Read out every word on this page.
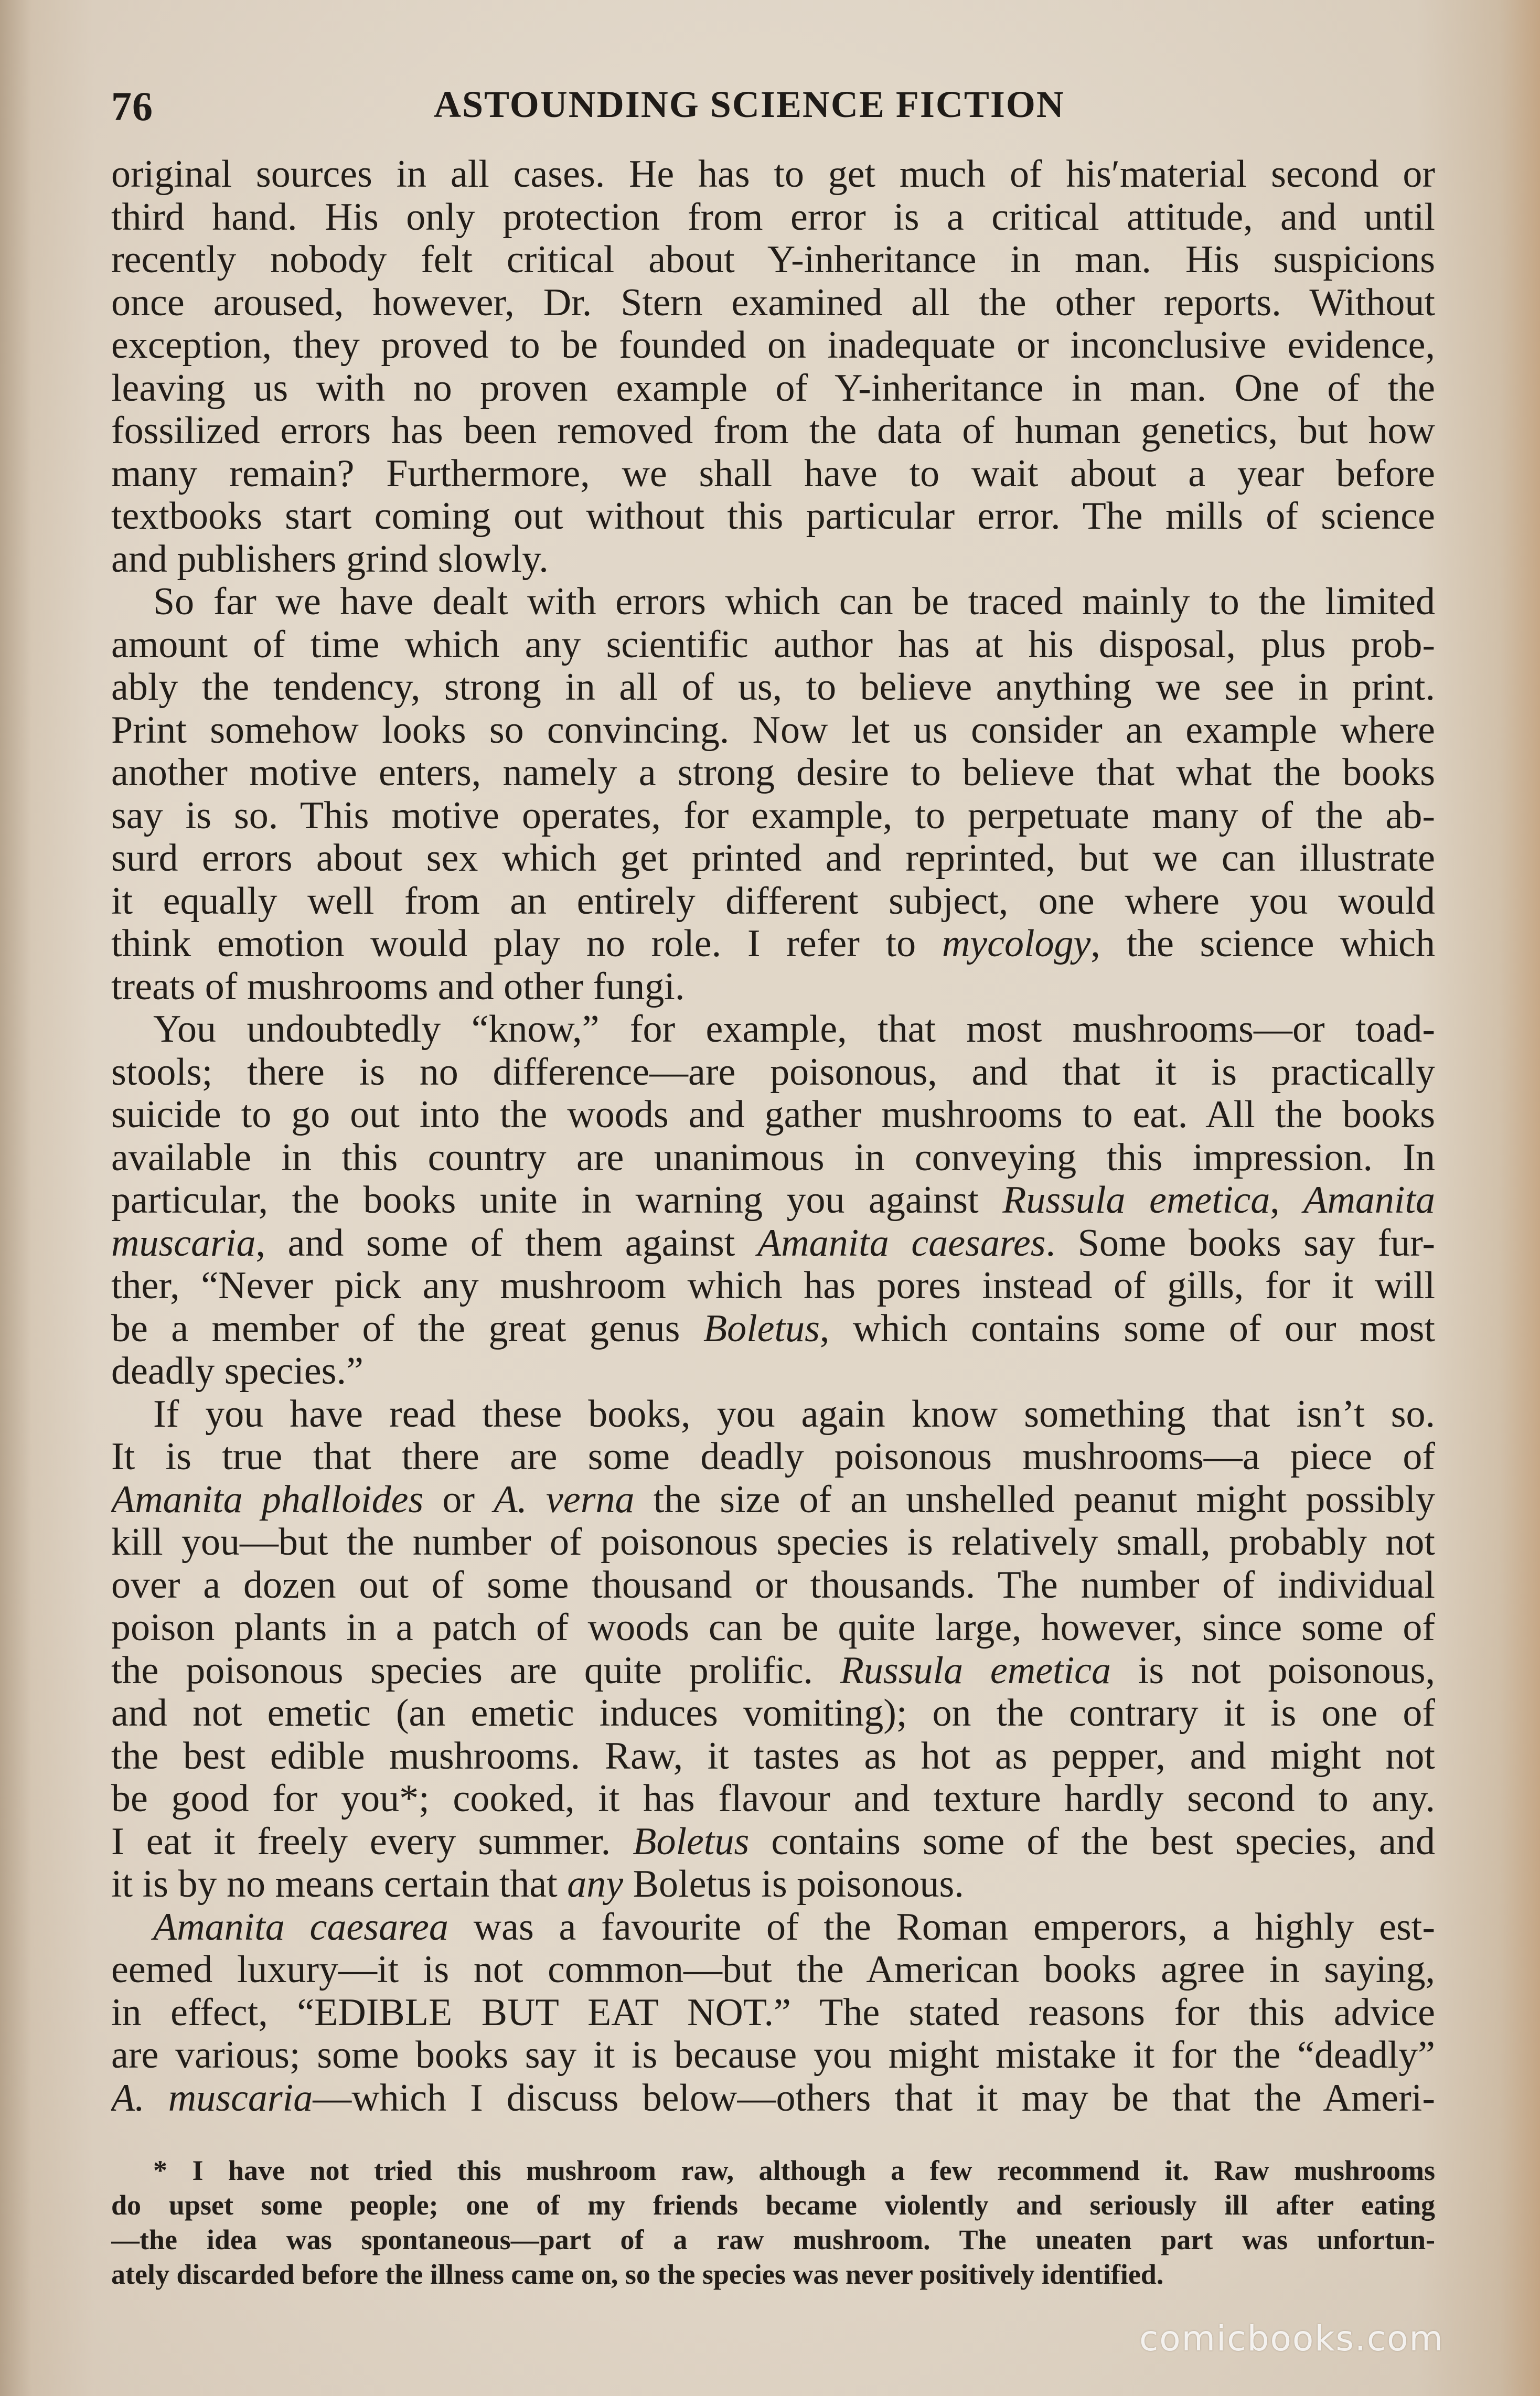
76	ASTOUNDING SCIENCE FICTION
original sources in all cases. He has to get much of his′material second or
third hand. His only protection from error is a critical attitude, and until
recently nobody felt critical about Y-inheritance in man. His suspicions
once aroused, however, Dr. Stern examined all the other reports. Without
exception, they proved to be founded on inadequate or inconclusive evidence,
leaving us with no proven example of Y-inheritance in man. One of the
fossilized errors has been removed from the data of human genetics, but how
many remain? Furthermore, we shall have to wait about a year before
textbooks start coming out without this particular error. The mills of science
and publishers grind slowly.
So far we have dealt with errors which can be traced mainly to the limited
amount of time which any scientific author has at his disposal, plus prob-
ably the tendency, strong in all of us, to believe anything we see in print.
Print somehow looks so convincing. Now let us consider an example where
another motive enters, namely a strong desire to believe that what the books
say is so. This motive operates, for example, to perpetuate many of the ab-
surd errors about sex which get printed and reprinted, but we can illustrate
it equally well from an entirely different subject, one where you would
think emotion would play no role. I refer to mycology, the science which
treats of mushrooms and other fungi.
You undoubtedly “know,” for example, that most mushrooms—or toad-
stools; there is no difference—are poisonous, and that it is practically
suicide to go out into the woods and gather mushrooms to eat. All the books
available in this country are unanimous in conveying this impression. In
particular, the books unite in warning you against Russula emetica, Amanita
muscaria, and some of them against Amanita caesares. Some books say fur-
ther, “Never pick any mushroom which has pores instead of gills, for it will
be a member of the great genus Boletus, which contains some of our most
deadly species.”
If you have read these books, you again know something that isn’t so.
It is true that there are some deadly poisonous mushrooms—a piece of
Amanita phalloides or A. verna the size of an unshelled peanut might possibly
kill you—but the number of poisonous species is relatively small, probably not
over a dozen out of some thousand or thousands. The number of individual
poison plants in a patch of woods can be quite large, however, since some of
the poisonous species are quite prolific. Russula emetica is not poisonous,
and not emetic (an emetic induces vomiting); on the contrary it is one of
the best edible mushrooms. Raw, it tastes as hot as pepper, and might not
be good for you*; cooked, it has flavour and texture hardly second to any.
I eat it freely every summer. Boletus contains some of the best species, and
it is by no means certain that any Boletus is poisonous.
Amanita caesarea was a favourite of the Roman emperors, a highly est-
eemed luxury—it is not common—but the American books agree in saying,
in effect, “EDIBLE BUT EAT NOT.” The stated reasons for this advice
are various; some books say it is because you might mistake it for the “deadly”
A. muscaria—which I discuss below—others that it may be that the Ameri-
* I have not tried this mushroom raw, although a few recommend it. Raw mushrooms
do upset some people; one of my friends became violently and seriously ill after eating
—the idea was spontaneous—part of a raw mushroom. The uneaten part was unfortun-
ately discarded before the illness came on, so the species was never positively identified.
comicbooks.com
